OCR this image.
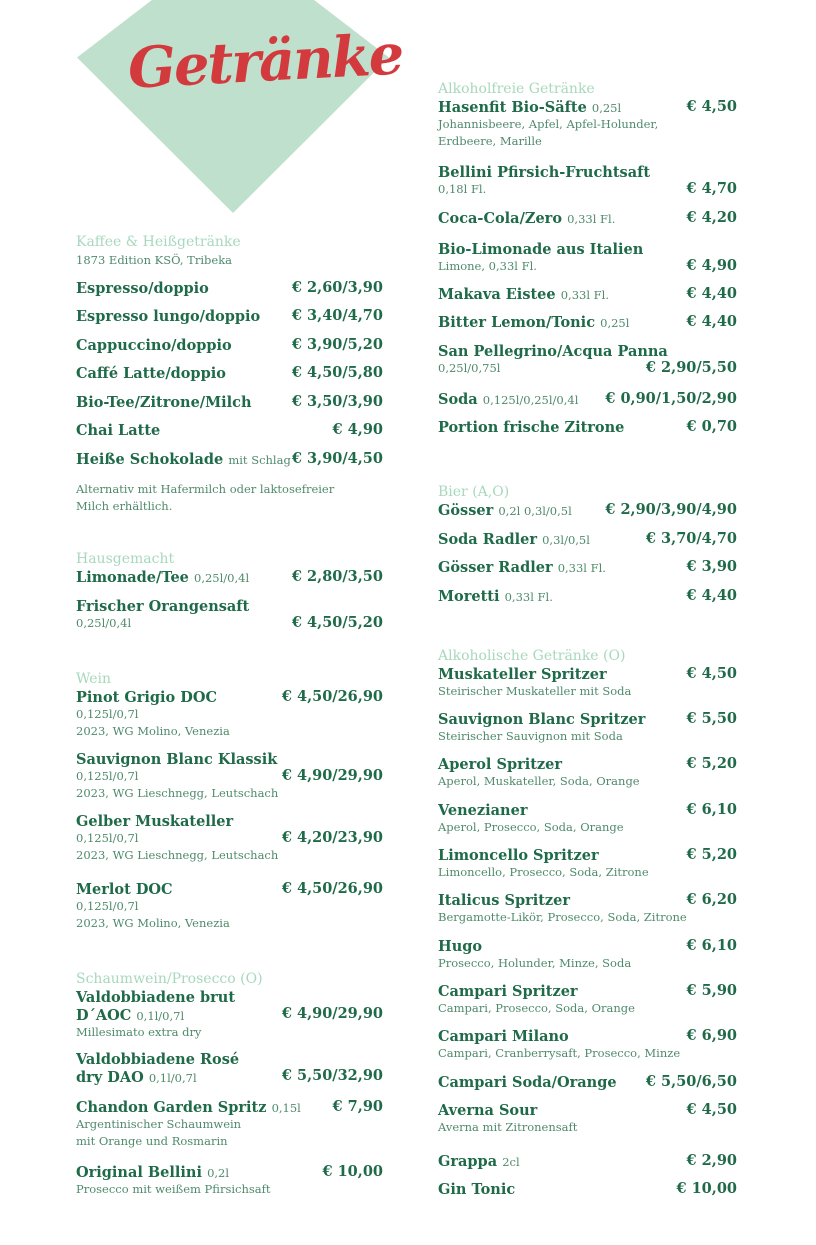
Getränke
Kaffee & Heißgetränke
1873 Edition KSÖ, Tribeka
Espresso/doppio	€ 2,60/3,90
Espresso lungo/doppio € 3,40/4,70
Cappuccino/doppio	€ 3,90/5,20
Caffé Latte/doppio	€ 4,50/5,80
Bio-Tee/Zitrone/Milch	€ 3,50/3,90
Chai Latte	€ 4,90
Heiße Schokolade mit Schlag € 3,90/4,50
Alternativ mit Hafermilch oder laktosefreier
Milch erhältlich.
Hausgemacht
Limonade/Tee 0,25l/0,4l	€ 2,80/3,50
Frischer Orangensaft
0,25l/0,4l	€ 4,50/5,20
Wein
Pinot Grigio DOC
0,125l/0,7l
2023, WG Molino, Venezia
€ 4,50/26,90
Sauvignon Blanc Klassik
0,125l/0,7l
2023, WG Lieschnegg, Leutschach
€ 4,90/29,90
Gelber Muskateller
0,125l/0,7l
2023, WG Lieschnegg, Leutschach
€ 4,20/23,90
Merlot DOC
0,125l/0,7l
2023, WG Molino, Venezia
€ 4,50/26,90
Schaumwein/Prosecco (O)
Valdobbiadene brut
D´AOC 0,1l/0,7l
Millesimato extra dry
€ 4,90/29,90
Valdobbiadene Rosé
dry DAO 0,1l/0,7l	€ 5,50/32,90
Chandon Garden Spritz 0,15l
Argentinischer Schaumwein
mit Orange und Rosmarin
€ 7,90
Original Bellini 0,2l
Prosecco mit weißem Pfirsichsaft
€ 10,00
Alkoholfreie Getränke
Hasenfit Bio-Säfte 0,25l
Johannisbeere, Apfel, Apfel-Holunder,
Erdbeere, Marille
€ 4,50
Bellini Pfirsich-Fruchtsaft
0,18l Fl.	€ 4,70
Coca-Cola/Zero 0,33l Fl.	€ 4,20
Bio-Limonade aus Italien
Limone, 0,33l Fl.	€ 4,90
Makava Eistee 0,33l Fl.	€ 4,40
Bitter Lemon/Tonic 0,25l	€ 4,40
San Pellegrino/Acqua Panna
0,25l/0,75l	€ 2,90/5,50
Soda 0,125l/0,25l/0,4l € 0,90/1,50/2,90
Portion frische Zitrone	€ 0,70
Bier (A,O)
Gösser 0,2l 0,3l/0,5l € 2,90/3,90/4,90
Soda Radler 0,3l/0,5l	€ 3,70/4,70
Gösser Radler 0,33l Fl.	€ 3,90
Moretti 0,33l Fl.	€ 4,40
Alkoholische Getränke (O)
Muskateller Spritzer
Steirischer Muskateller mit Soda
€ 4,50
Sauvignon Blanc Spritzer
Steirischer Sauvignon mit Soda
€ 5,50
Aperol Spritzer
Aperol, Muskateller, Soda, Orange
€ 5,20
Venezianer
Aperol, Prosecco, Soda, Orange
€ 6,10
Limoncello Spritzer
Limoncello, Prosecco, Soda, Zitrone
€ 5,20
Italicus Spritzer
Bergamotte-Likör, Prosecco, Soda, Zitrone
€ 6,20
Hugo
Prosecco, Holunder, Minze, Soda
€ 6,10
Campari Spritzer
Campari, Prosecco, Soda, Orange
€ 5,90
Campari Milano
Campari, Cranberrysaft, Prosecco, Minze
€ 6,90
Campari Soda/Orange € 5,50/6,50
Averna Sour
Averna mit Zitronensaft
€ 4,50
Grappa 2cl	€ 2,90
Gin Tonic	€ 10,00
